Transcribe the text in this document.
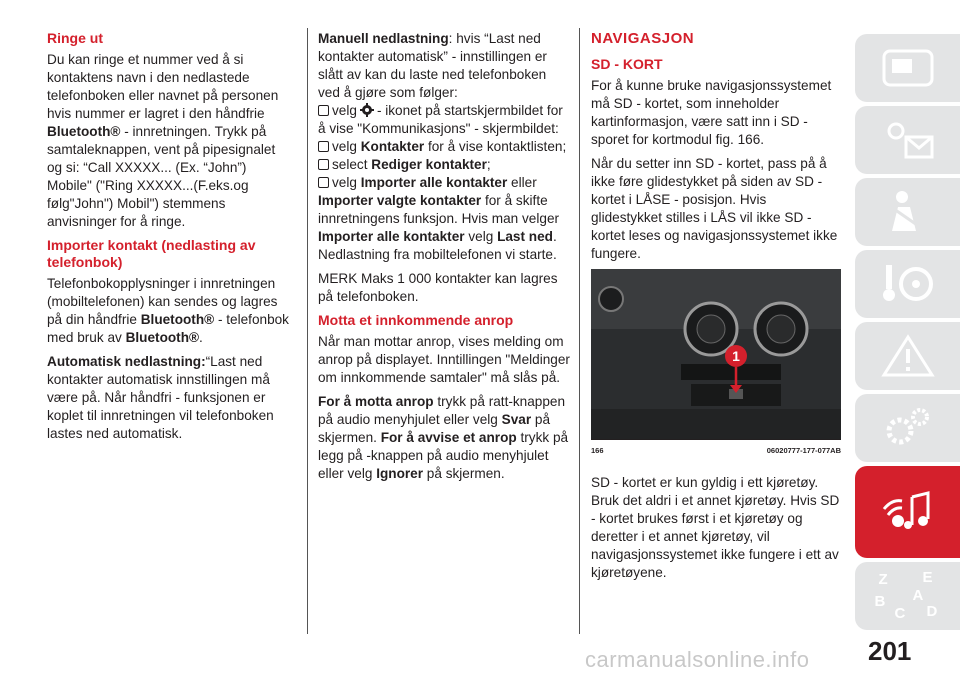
Ringe ut

Du kan ringe et nummer ved å si kontaktens navn i den nedlastede telefonboken eller navnet på personen hvis nummer er lagret i den håndfrie
Bluetooth® - innretningen. Trykk på samtaleknappen, vent på pipesignalet og si: “Call XXXXX... (Ex. “John”) Mobile" ("Ring XXXXX...(F.eks.og følg"John") Mobil") stemmens anvisninger for å ringe.

Importer kontakt (nedlasting av telefonbok)

Telefonbokopplysninger i innretningen (mobiltelefonen) kan sendes og lagres på din håndfrie Bluetooth® - telefonbok med bruk av Bluetooth®.

Automatisk nedlastning:“Last ned kontakter automatisk innstillingen må være på. Når håndfri - funksjonen er koplet til innretningen vil telefonboken lastes ned automatisk.

Manuell nedlastning: hvis “Last ned kontakter automatisk” - innstillingen er slått av kan du laste ned telefonboken ved å gjøre som følger:
velg - ikonet på startskjermbildet for å vise "Kommunikasjons" - skjermbildet:
velg Kontakter for å vise kontaktlisten;
select Rediger kontakter;
velg Importer alle kontakter eller Importer valgte kontakter for å skifte innretningens funksjon. Hvis man velger Importer alle kontakter velg Last ned. Nedlastning fra mobiltelefonen vi starte.

MERK Maks 1 000 kontakter kan lagres på telefonboken.

Motta et innkommende anrop

Når man mottar anrop, vises melding om anrop på displayet. Inntillingen "Meldinger om innkommende samtaler" må slås på.

For å motta anrop trykk på ratt-knappen på audio menyhjulet eller velg Svar på skjermen. For å avvise et anrop trykk på legg på -knappen på audio menyhjulet eller velg Ignorer på skjermen.

NAVIGASJON
SD - KORT

For å kunne bruke navigasjonssystemet må SD - kortet, som inneholder kartinformasjon, være satt inn i SD - sporet for kortmodul fig. 166.

Når du setter inn SD - kortet, pass på å ikke føre glidestykket på siden av SD - kortet i LÅSE - posisjon. Hvis glidestykket stilles i LÅS vil ikke SD - kortet leses og navigasjonssystemet ikke fungere.

1
166	06020777-177-077AB

SD - kortet er kun gyldig i ett kjøretøy. Bruk det aldri i et annet kjøretøy. Hvis SD - kortet brukes først i et kjøretøy og deretter i et annet kjøretøy, vil navigasjonssystemet ikke fungere i ett av kjøretøyene.	Z E
A
B
C D
201
carmanualsonline.info
